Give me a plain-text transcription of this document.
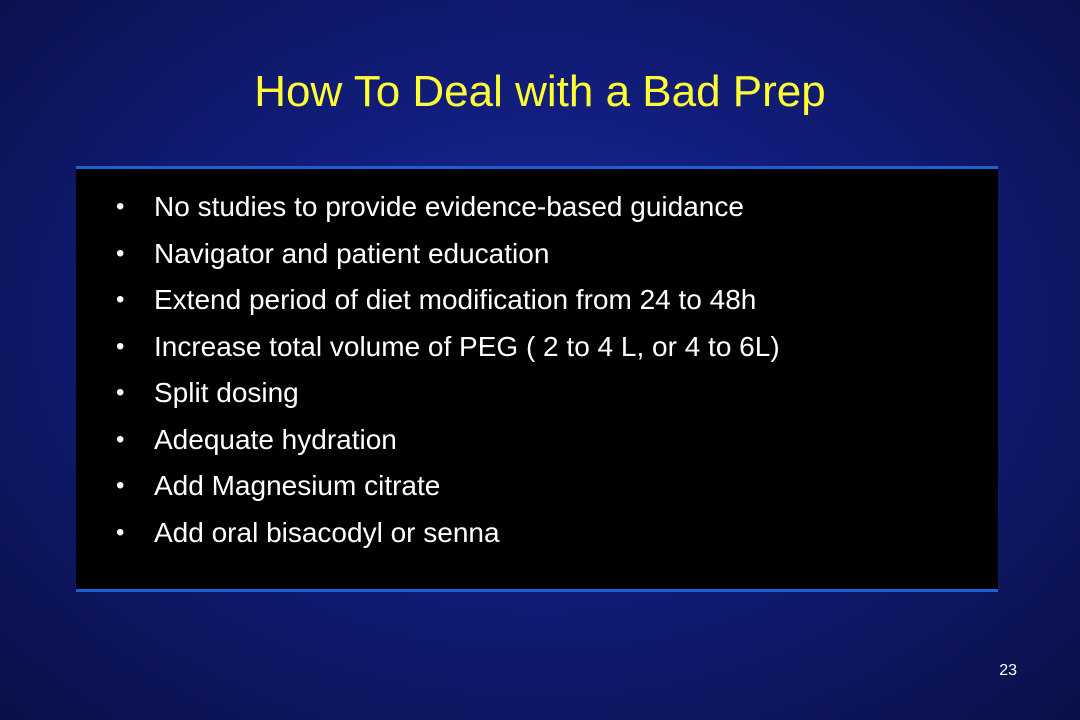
How To Deal with a Bad Prep
• No studies to provide evidence-based guidance
• Navigator and patient education
• Extend period of diet modification from 24 to 48h
• Increase total volume of PEG ( 2 to 4 L, or 4 to 6L)
• Split dosing
• Adequate hydration
• Add Magnesium citrate
• Add oral bisacodyl or senna
23
